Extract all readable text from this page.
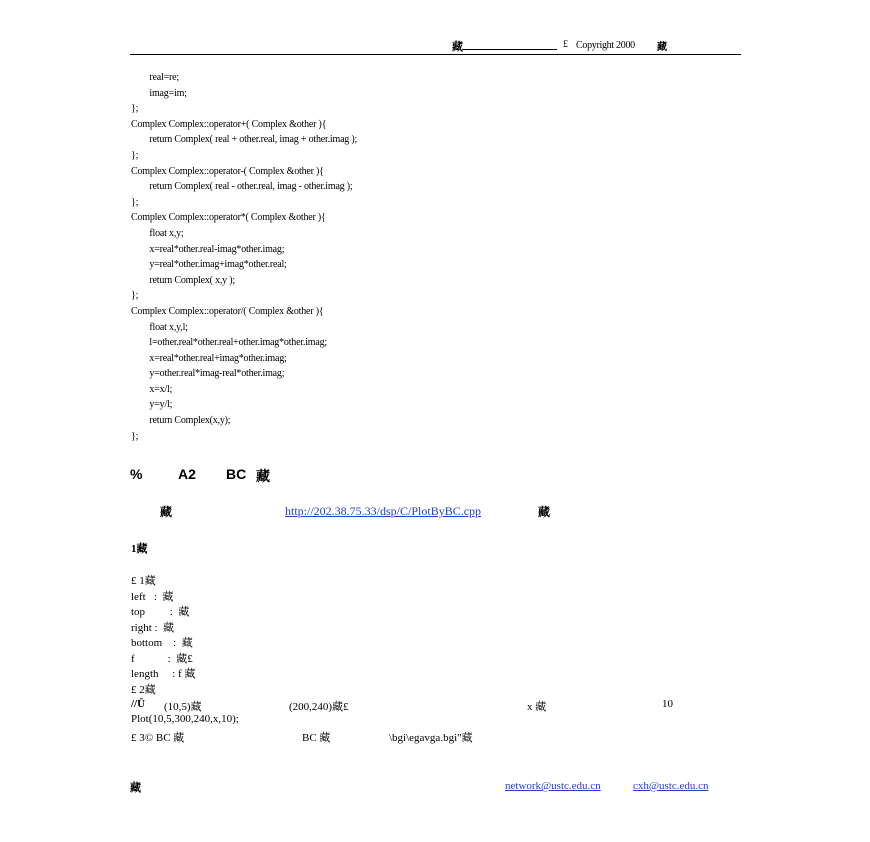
藏	£ Copyright 2000 藏
real=re;
imag=im;
};
Complex Complex::operator+( Complex &other ){
return Complex( real + other.real, imag + other.imag );
};
Complex Complex::operator-( Complex &other ){
return Complex( real - other.real, imag - other.imag );
};
Complex Complex::operator*( Complex &other ){
float x,y;
x=real*other.real-imag*other.imag;
y=real*other.imag+imag*other.real;
return Complex( x,y );
};
Complex Complex::operator/( Complex &other ){
float x,y,l;
l=other.real*other.real+other.imag*other.imag;
x=real*other.real+imag*other.imag;
y=other.real*imag-real*other.imag;
x=x/l;
y=y/l;
return Complex(x,y);
};
%	A2 BC 藏
藏	http://202.38.75.33/dsp/C/PlotByBC.cpp	藏
1藏
£ 1藏
left   :  藏
top         :  藏
right :  藏
bottom    :  藏
f            :  藏£
length     : f 藏
£ 2藏
//Ū (10,5)藏	(200,240)藏£	x 藏	10
Plot(10,5,300,240,x,10);
£ 3© BC 藏	BC 藏	\bgi\egavga.bgi"藏
藏	network@ustc.edu.cn	cxh@ustc.edu.cn
